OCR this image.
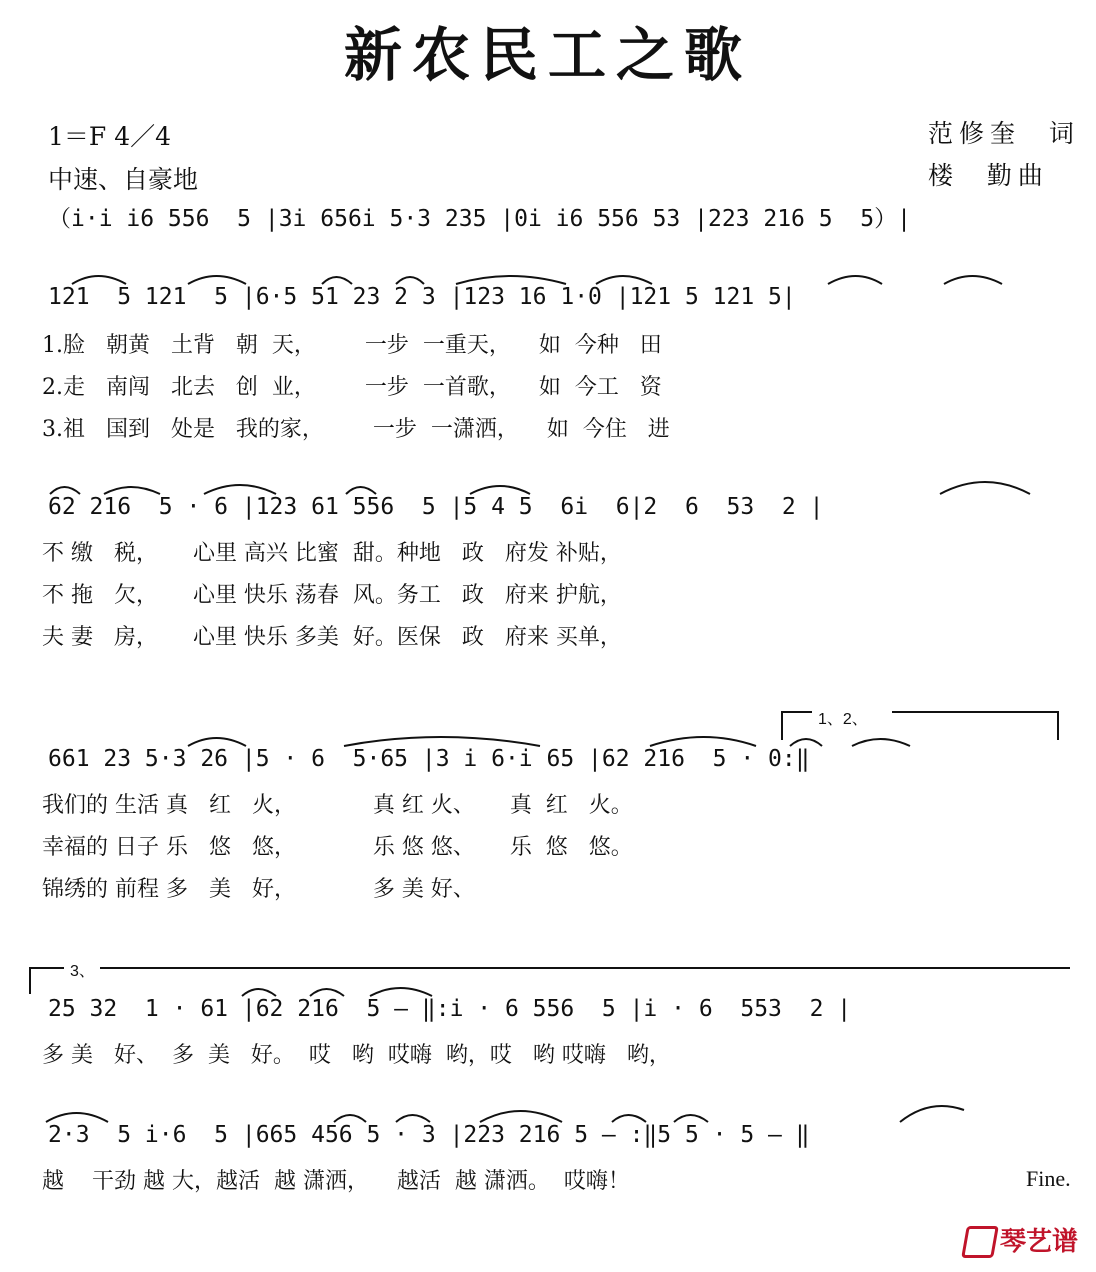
新农民工之歌
1＝F 4／4
中速、自豪地
范修奎  词
楼  勤曲
（i·i i6 556  5 |3i 656i 5·3 235 |0i i6 556 53 |223 216 5  5）|
121  5 121  5 |6·5 51 23 2 3 |123 16 1·0 |121 5 121 5|
1.脸   朝黄   土背   朝  天，       一步  一重天，    如  今种   田
2.走   南闯   北去   创  业，       一步  一首歌，    如  今工   资
3.祖   国到   处是   我的家，       一步  一潇洒，    如  今住   进
62 216  5 · 6 |123 61 556  5 |5 4 5  6i  6|2  6  53  2 |
不 缴   税，     心里 高兴 比蜜  甜。种地   政   府发 补贴，
不 拖   欠，     心里 快乐 荡春  风。务工   政   府来 护航，
夫 妻   房，     心里 快乐 多美  好。医保   政   府来 买单，
1、2、
661 23 5·3 26 |5 · 6  5·65 |3 i 6·i 65 |62 216  5 · 0:‖
我们的 生活 真   红   火，           真 红 火、     真  红   火。
幸福的 日子 乐   悠   悠，           乐 悠 悠、     乐  悠   悠。
锦绣的 前程 多   美   好，           多 美 好、
3、
25 32  1 · 61 |62 216  5 — ‖:i · 6 556  5 |i · 6  553  2 |
多 美   好、  多  美   好。  哎   哟  哎嗨  哟，哎   哟 哎嗨   哟，
2·3  5 i·6  5 |665 456 5 · 3 |223 216 5 — :‖5 5 · 5 — ‖
越    干劲 越 大，越活  越 潇洒，    越活  越 潇洒。  哎嗨！	Fine.
琴艺谱
